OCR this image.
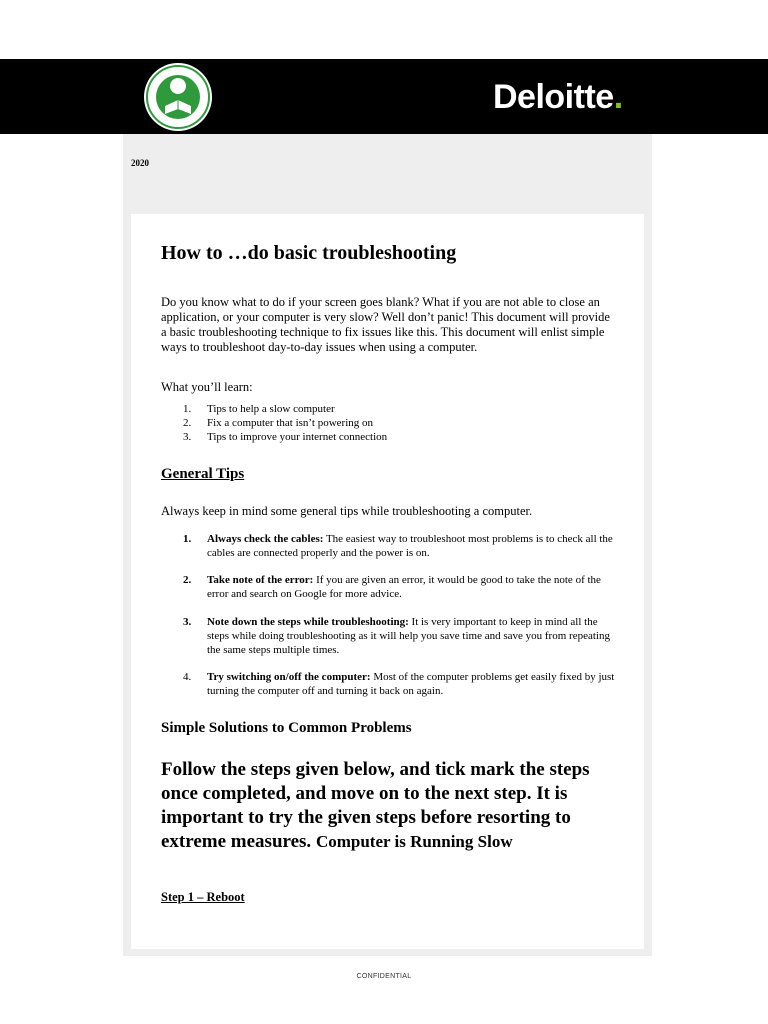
Deloitte.
2020
How to …do basic troubleshooting
Do you know what to do if your screen goes blank? What if you are not able to close an application, or your computer is very slow? Well don’t panic! This document will provide a basic troubleshooting technique to fix issues like this. This document will enlist simple ways to troubleshoot day-to-day issues when using a computer.
What you’ll learn:
1. Tips to help a slow computer
2. Fix a computer that isn’t powering on
3. Tips to improve your internet connection
General Tips
Always keep in mind some general tips while troubleshooting a computer.
1. Always check the cables: The easiest way to troubleshoot most problems is to check all the cables are connected properly and the power is on.
2. Take note of the error: If you are given an error, it would be good to take the note of the error and search on Google for more advice.
3. Note down the steps while troubleshooting: It is very important to keep in mind all the steps while doing troubleshooting as it will help you save time and save you from repeating the same steps multiple times.
4. Try switching on/off the computer: Most of the computer problems get easily fixed by just turning the computer off and turning it back on again.
Simple Solutions to Common Problems
Follow the steps given below, and tick mark the steps once completed, and move on to the next step. It is important to try the given steps before resorting to extreme measures. Computer is Running Slow
Step 1 – Reboot
CONFIDENTIAL
